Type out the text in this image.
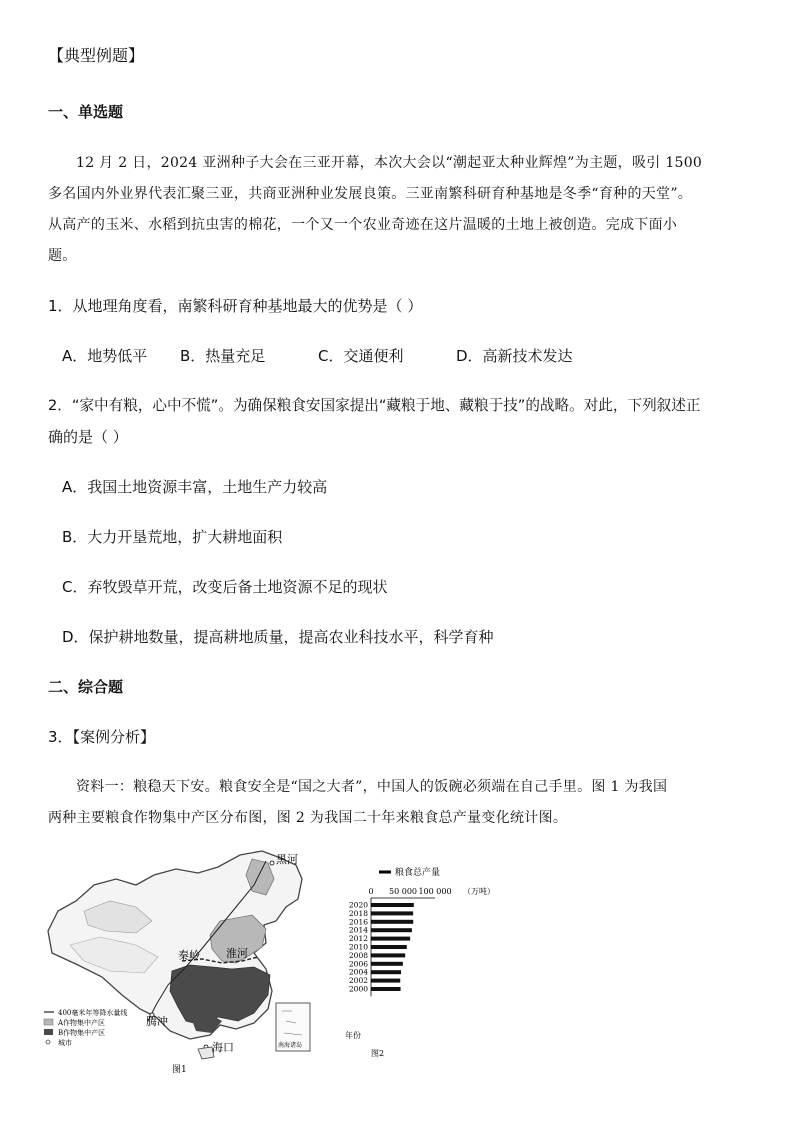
【典型例题】
一、单选题
12 月 2 日，2024 亚洲种子大会在三亚开幕，本次大会以“潮起亚太种业辉煌”为主题，吸引 1500
多名国内外业界代表汇聚三亚，共商亚洲种业发展良策。三亚南繁科研育种基地是冬季“育种的天堂”。
从高产的玉米、水稻到抗虫害的棉花，一个又一个农业奇迹在这片温暖的土地上被创造。完成下面小
题。
1．从地理角度看，南繁科研育种基地最大的优势是（ ）
A．地势低平 B．热量充足	C．交通便利	D．高新技术发达
2．“家中有粮，心中不慌”。为确保粮食安国家提出“藏粮于地、藏粮于技”的战略。对此，下列叙述正
确的是（ ）
A．我国土地资源丰富，土地生产力较高
B．大力开垦荒地，扩大耕地面积
C．弃牧毁草开荒，改变后备土地资源不足的现状
D．保护耕地数量，提高耕地质量，提高农业科技水平，科学育种
二、综合题
3．【案例分析】
资料一：粮稳天下安。粮食安全是“国之大者”，中国人的饭碗必须端在自己手里。图 1 为我国
两种主要粮食作物集中产区分布图，图 2 为我国二十年来粮食总产量变化统计图。
黑河
秦岭 淮河
腾冲
海口	南海诸岛
400毫米年等降水量线
A作物集中产区
B作物集中产区
城市
图1
粮食总产量
（万吨）
年份
图2
0 50 000 100 000
2020
2018
2016
2014
2012
2010
2008
2006
2004
2002
2000
